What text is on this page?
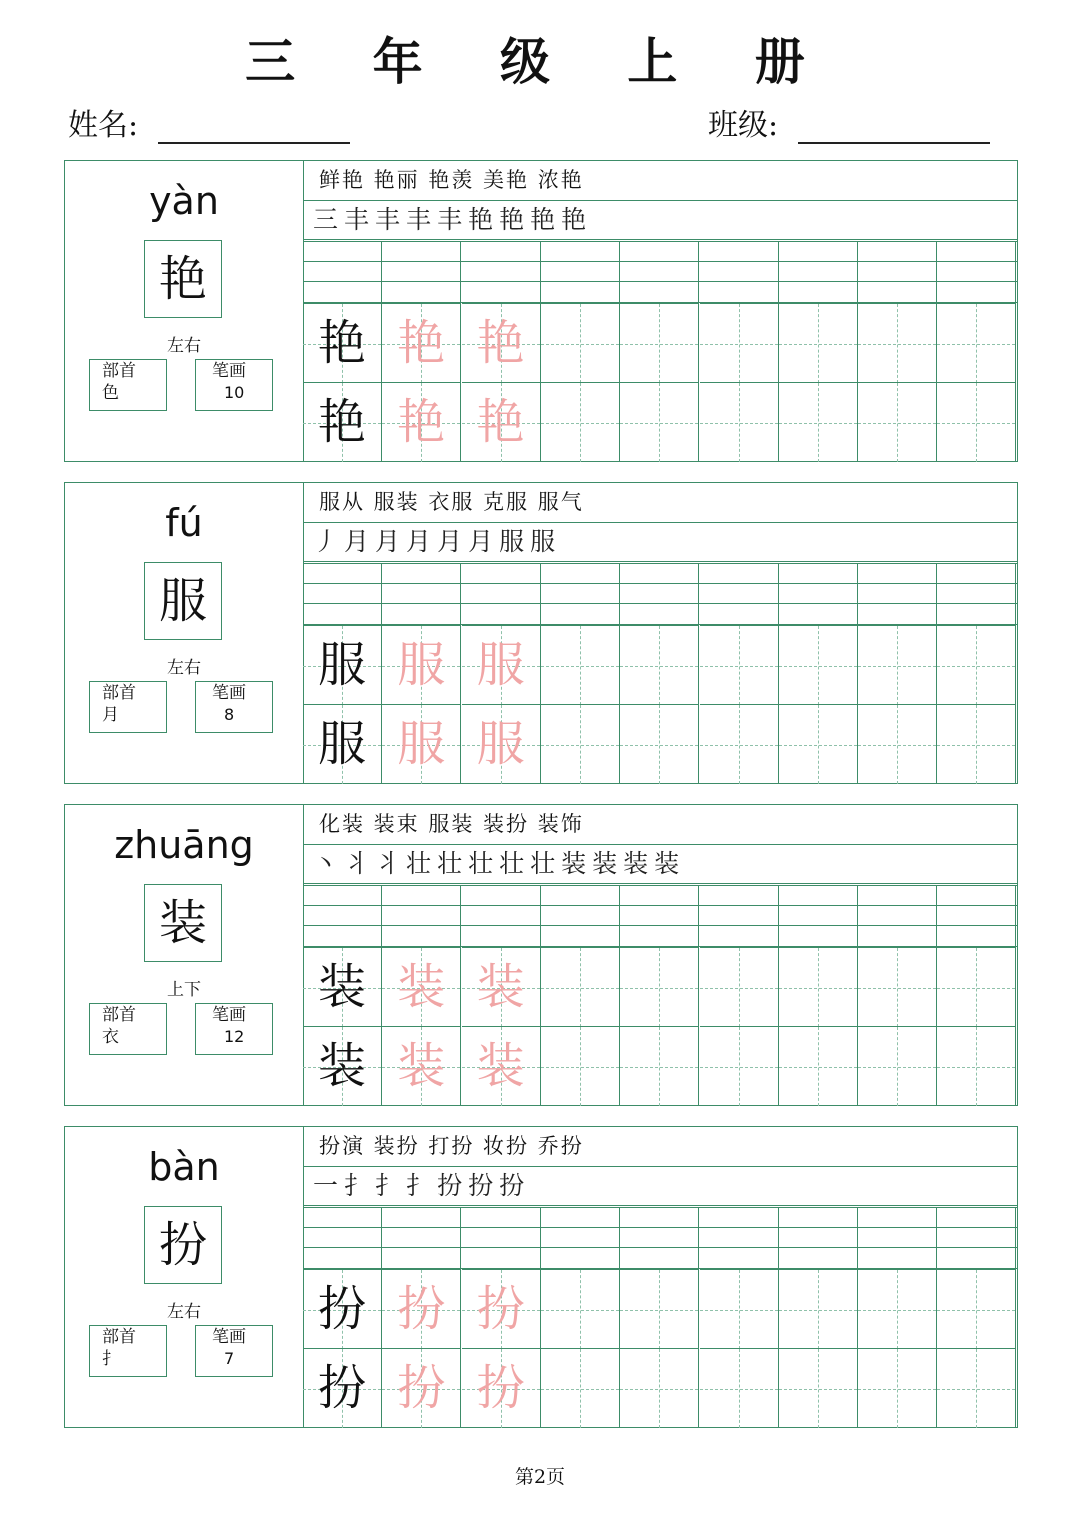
三 年 级 上 册
姓名:	班级:
yàn
艳
左右
部首
色
笔画
10
鲜艳 艳丽 艳羡 美艳 浓艳
三丰丰丰丰艳艳艳艳
艳 艳 艳
艳 艳 艳
fú
服
左右
部首
月
笔画
8
服从 服装 衣服 克服 服气
丿月月月月月服服
服 服 服
服 服 服
zhuāng
装
上下
部首
衣
笔画
12
化装 装束 服装 装扮 装饰
丶丬丬壮壮壮壮壮装装装装
装 装 装
装 装 装
bàn
扮
左右
部首
扌
笔画
7
扮演 装扮 打扮 妆扮 乔扮
一扌扌扌扮扮扮
扮 扮 扮
扮 扮 扮
第2页
